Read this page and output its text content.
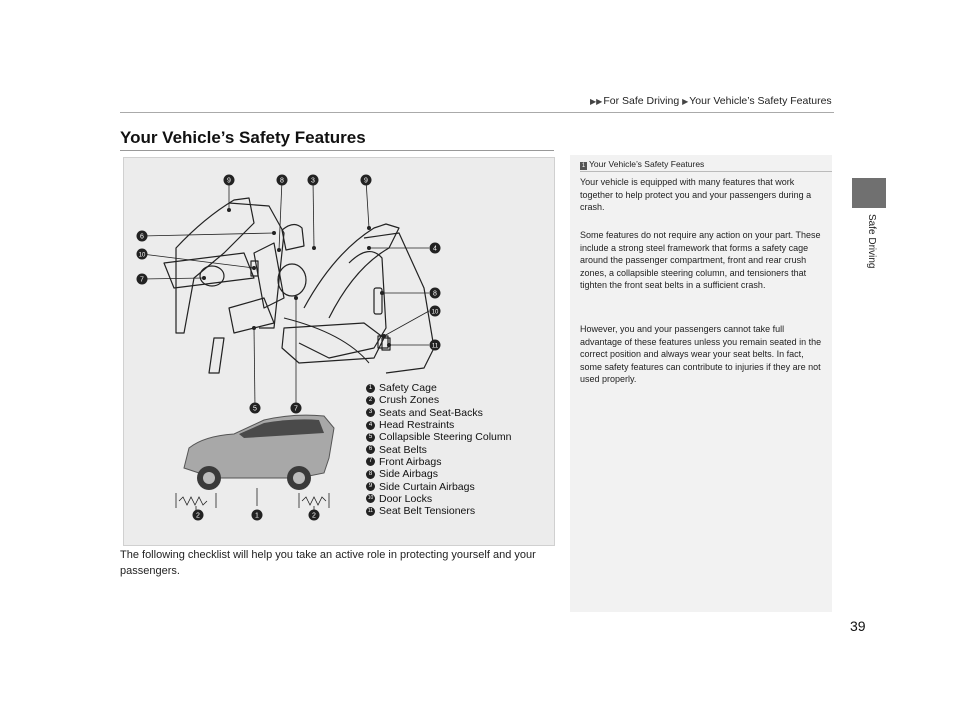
▶▶For Safe Driving ▶Your Vehicle’s Safety Features
Safe Driving
Your Vehicle’s Safety Features
9	8	3	9
6
10
4
7
8
10
11
5	7
2	1	2
1 Safety Cage
2 Crush Zones
3 Seats and Seat-Backs
4 Head Restraints
5 Collapsible Steering Column
6 Seat Belts
7 Front Airbags
8 Side Airbags
9 Side Curtain Airbags
10 Door Locks
11 Seat Belt Tensioners

The following checklist will help you take an active role in protecting yourself and your passengers.

1 Your Vehicle’s Safety Features

Your vehicle is equipped with many features that work together to help protect you and your passengers during a crash.

Some features do not require any action on your part. These include a strong steel framework that forms a safety cage around the passenger compartment, front and rear crush zones, a collapsible steering column, and tensioners that tighten the front seat belts in a sufficient crash.

However, you and your passengers cannot take full advantage of these features unless you remain seated in the correct position and always wear your seat belts. In fact, some safety features can contribute to injuries if they are not used properly.

39
